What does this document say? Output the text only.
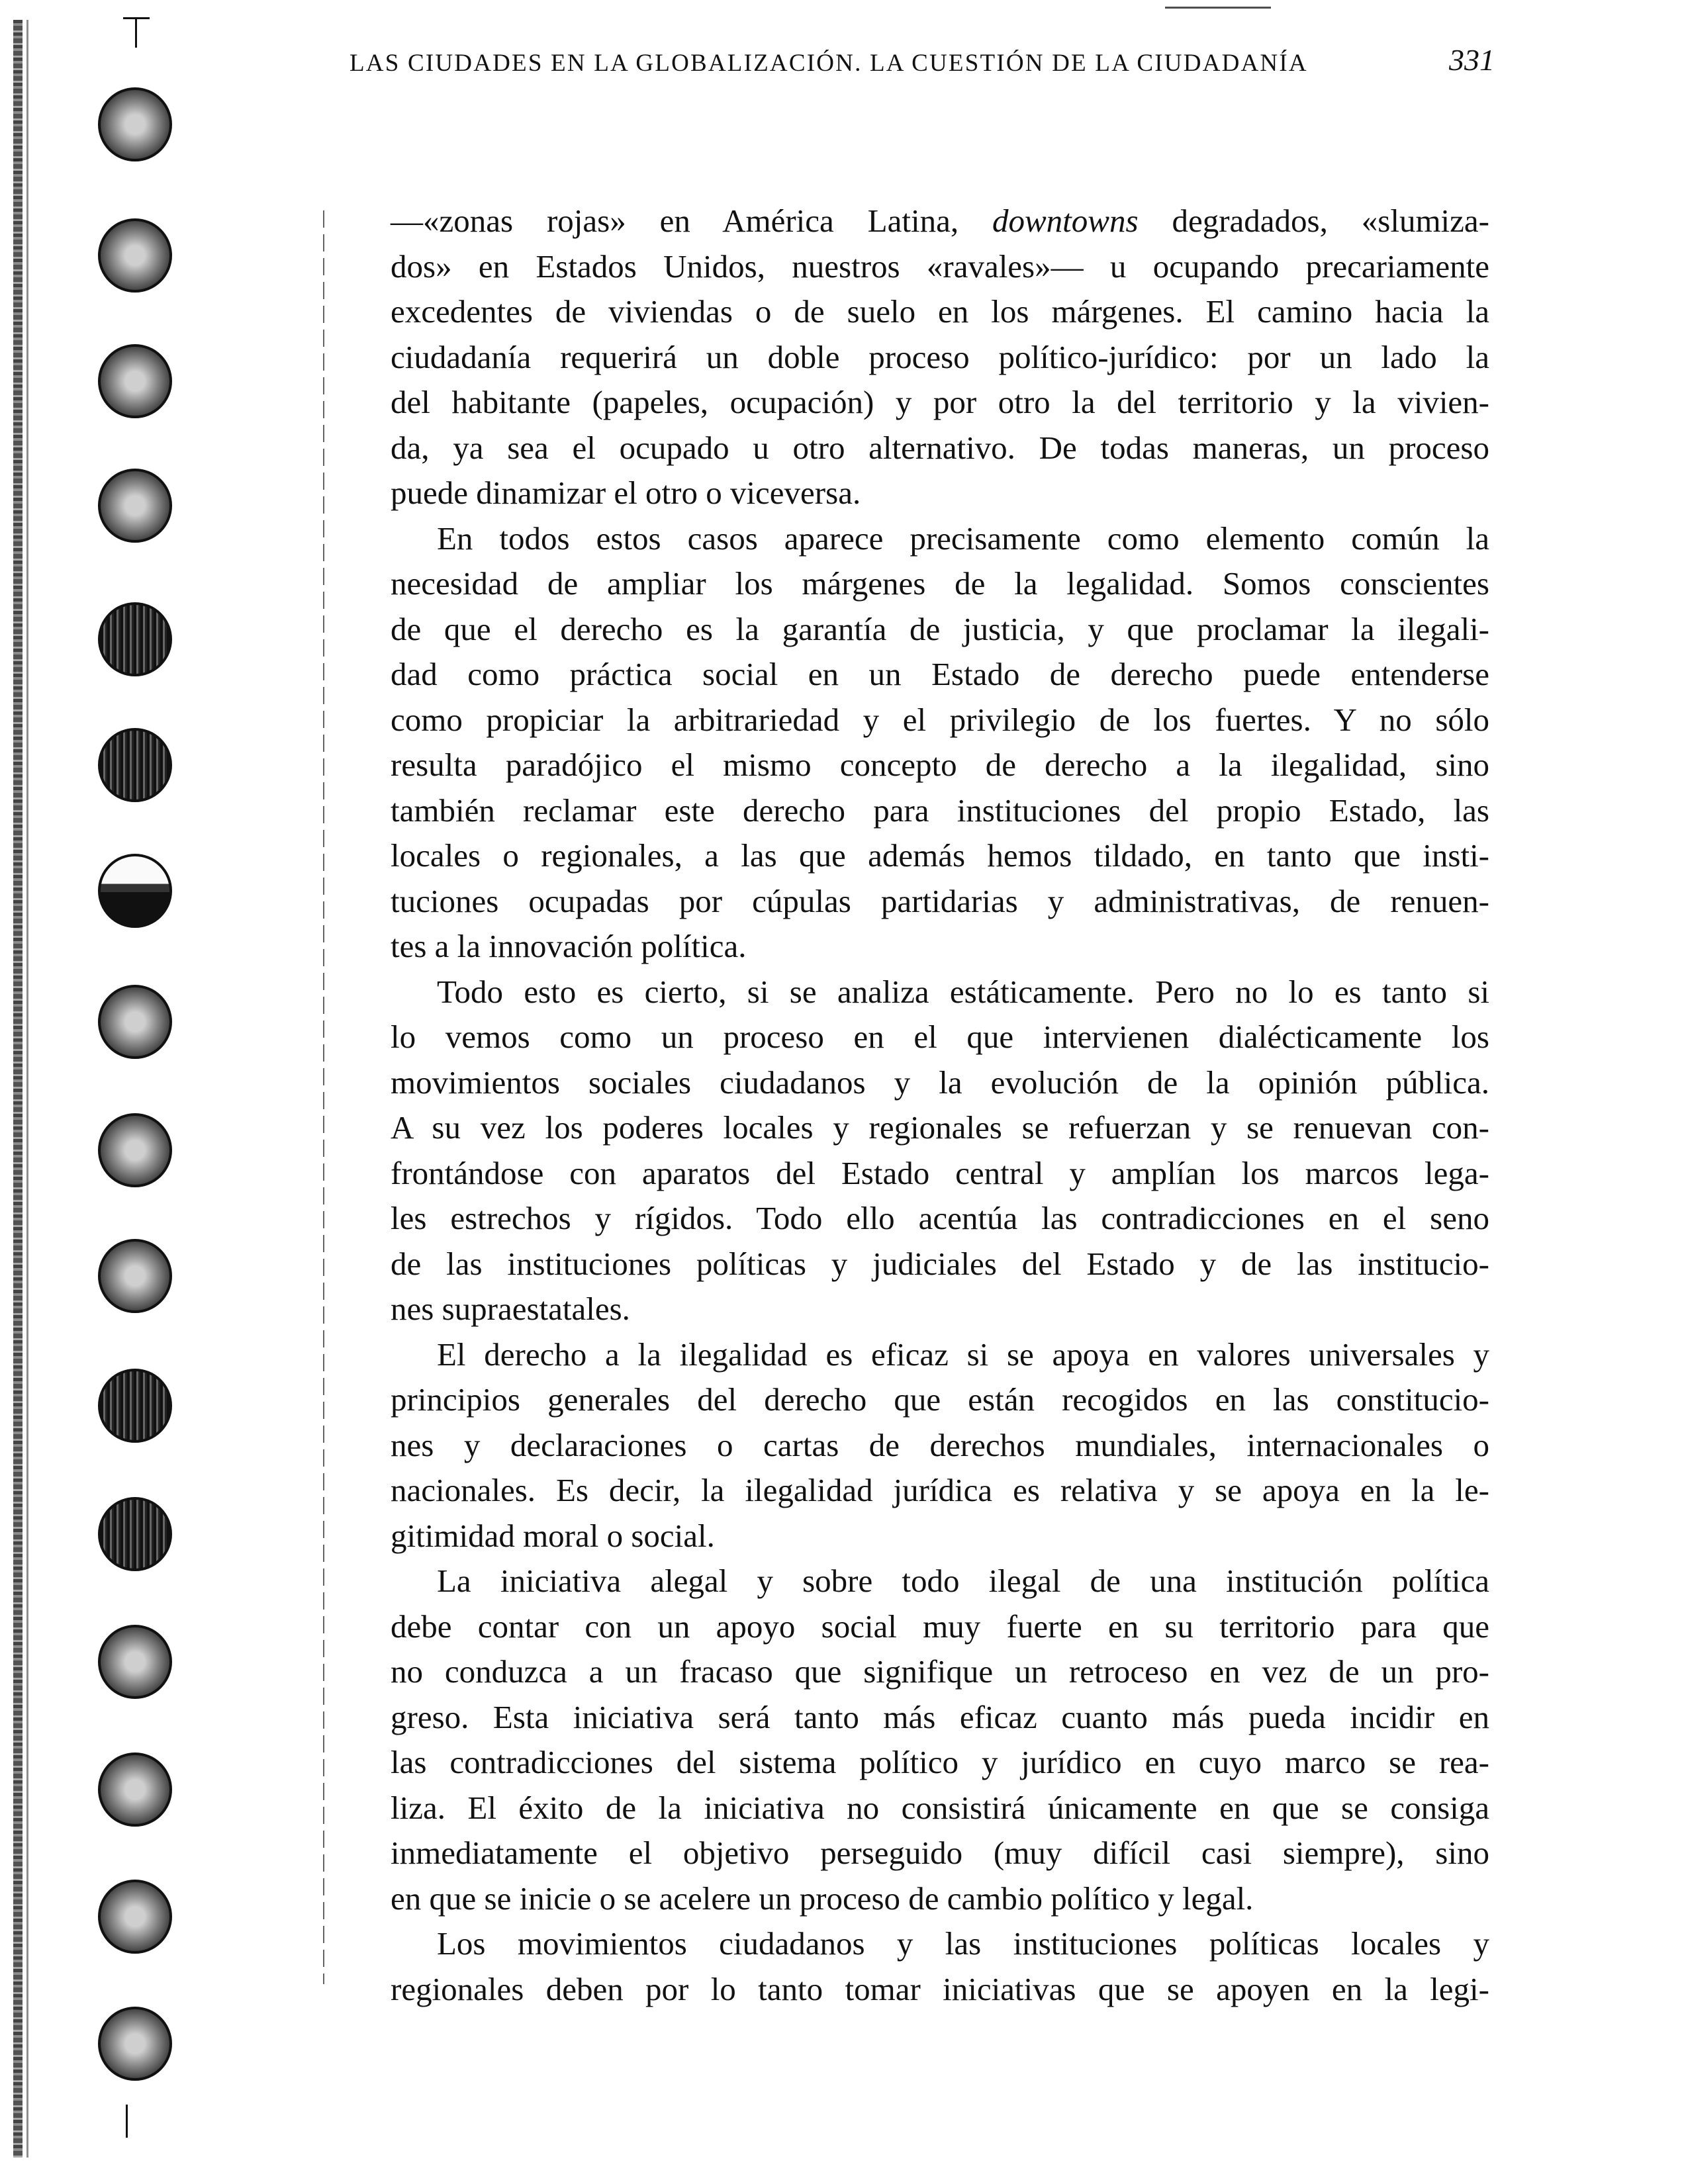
LAS CIUDADES EN LA GLOBALIZACIÓN. LA CUESTIÓN DE LA CIUDADANÍA	331
—«zonas rojas» en América Latina, downtowns degradados, «slumiza-
dos» en Estados Unidos, nuestros «ravales»— u ocupando precariamente
excedentes de viviendas o de suelo en los márgenes. El camino hacia la
ciudadanía requerirá un doble proceso político-jurídico: por un lado la
del habitante (papeles, ocupación) y por otro la del territorio y la vivien-
da, ya sea el ocupado u otro alternativo. De todas maneras, un proceso
puede dinamizar el otro o viceversa.
En todos estos casos aparece precisamente como elemento común la
necesidad de ampliar los márgenes de la legalidad. Somos conscientes
de que el derecho es la garantía de justicia, y que proclamar la ilegali-
dad como práctica social en un Estado de derecho puede entenderse
como propiciar la arbitrariedad y el privilegio de los fuertes. Y no sólo
resulta paradójico el mismo concepto de derecho a la ilegalidad, sino
también reclamar este derecho para instituciones del propio Estado, las
locales o regionales, a las que además hemos tildado, en tanto que insti-
tuciones ocupadas por cúpulas partidarias y administrativas, de renuen-
tes a la innovación política.
Todo esto es cierto, si se analiza estáticamente. Pero no lo es tanto si
lo vemos como un proceso en el que intervienen dialécticamente los
movimientos sociales ciudadanos y la evolución de la opinión pública.
A su vez los poderes locales y regionales se refuerzan y se renuevan con-
frontándose con aparatos del Estado central y amplían los marcos lega-
les estrechos y rígidos. Todo ello acentúa las contradicciones en el seno
de las instituciones políticas y judiciales del Estado y de las institucio-
nes supraestatales.
El derecho a la ilegalidad es eficaz si se apoya en valores universales y
principios generales del derecho que están recogidos en las constitucio-
nes y declaraciones o cartas de derechos mundiales, internacionales o
nacionales. Es decir, la ilegalidad jurídica es relativa y se apoya en la le-
gitimidad moral o social.
La iniciativa alegal y sobre todo ilegal de una institución política
debe contar con un apoyo social muy fuerte en su territorio para que
no conduzca a un fracaso que signifique un retroceso en vez de un pro-
greso. Esta iniciativa será tanto más eficaz cuanto más pueda incidir en
las contradicciones del sistema político y jurídico en cuyo marco se rea-
liza. El éxito de la iniciativa no consistirá únicamente en que se consiga
inmediatamente el objetivo perseguido (muy difícil casi siempre), sino
en que se inicie o se acelere un proceso de cambio político y legal.
Los movimientos ciudadanos y las instituciones políticas locales y
regionales deben por lo tanto tomar iniciativas que se apoyen en la legi-
